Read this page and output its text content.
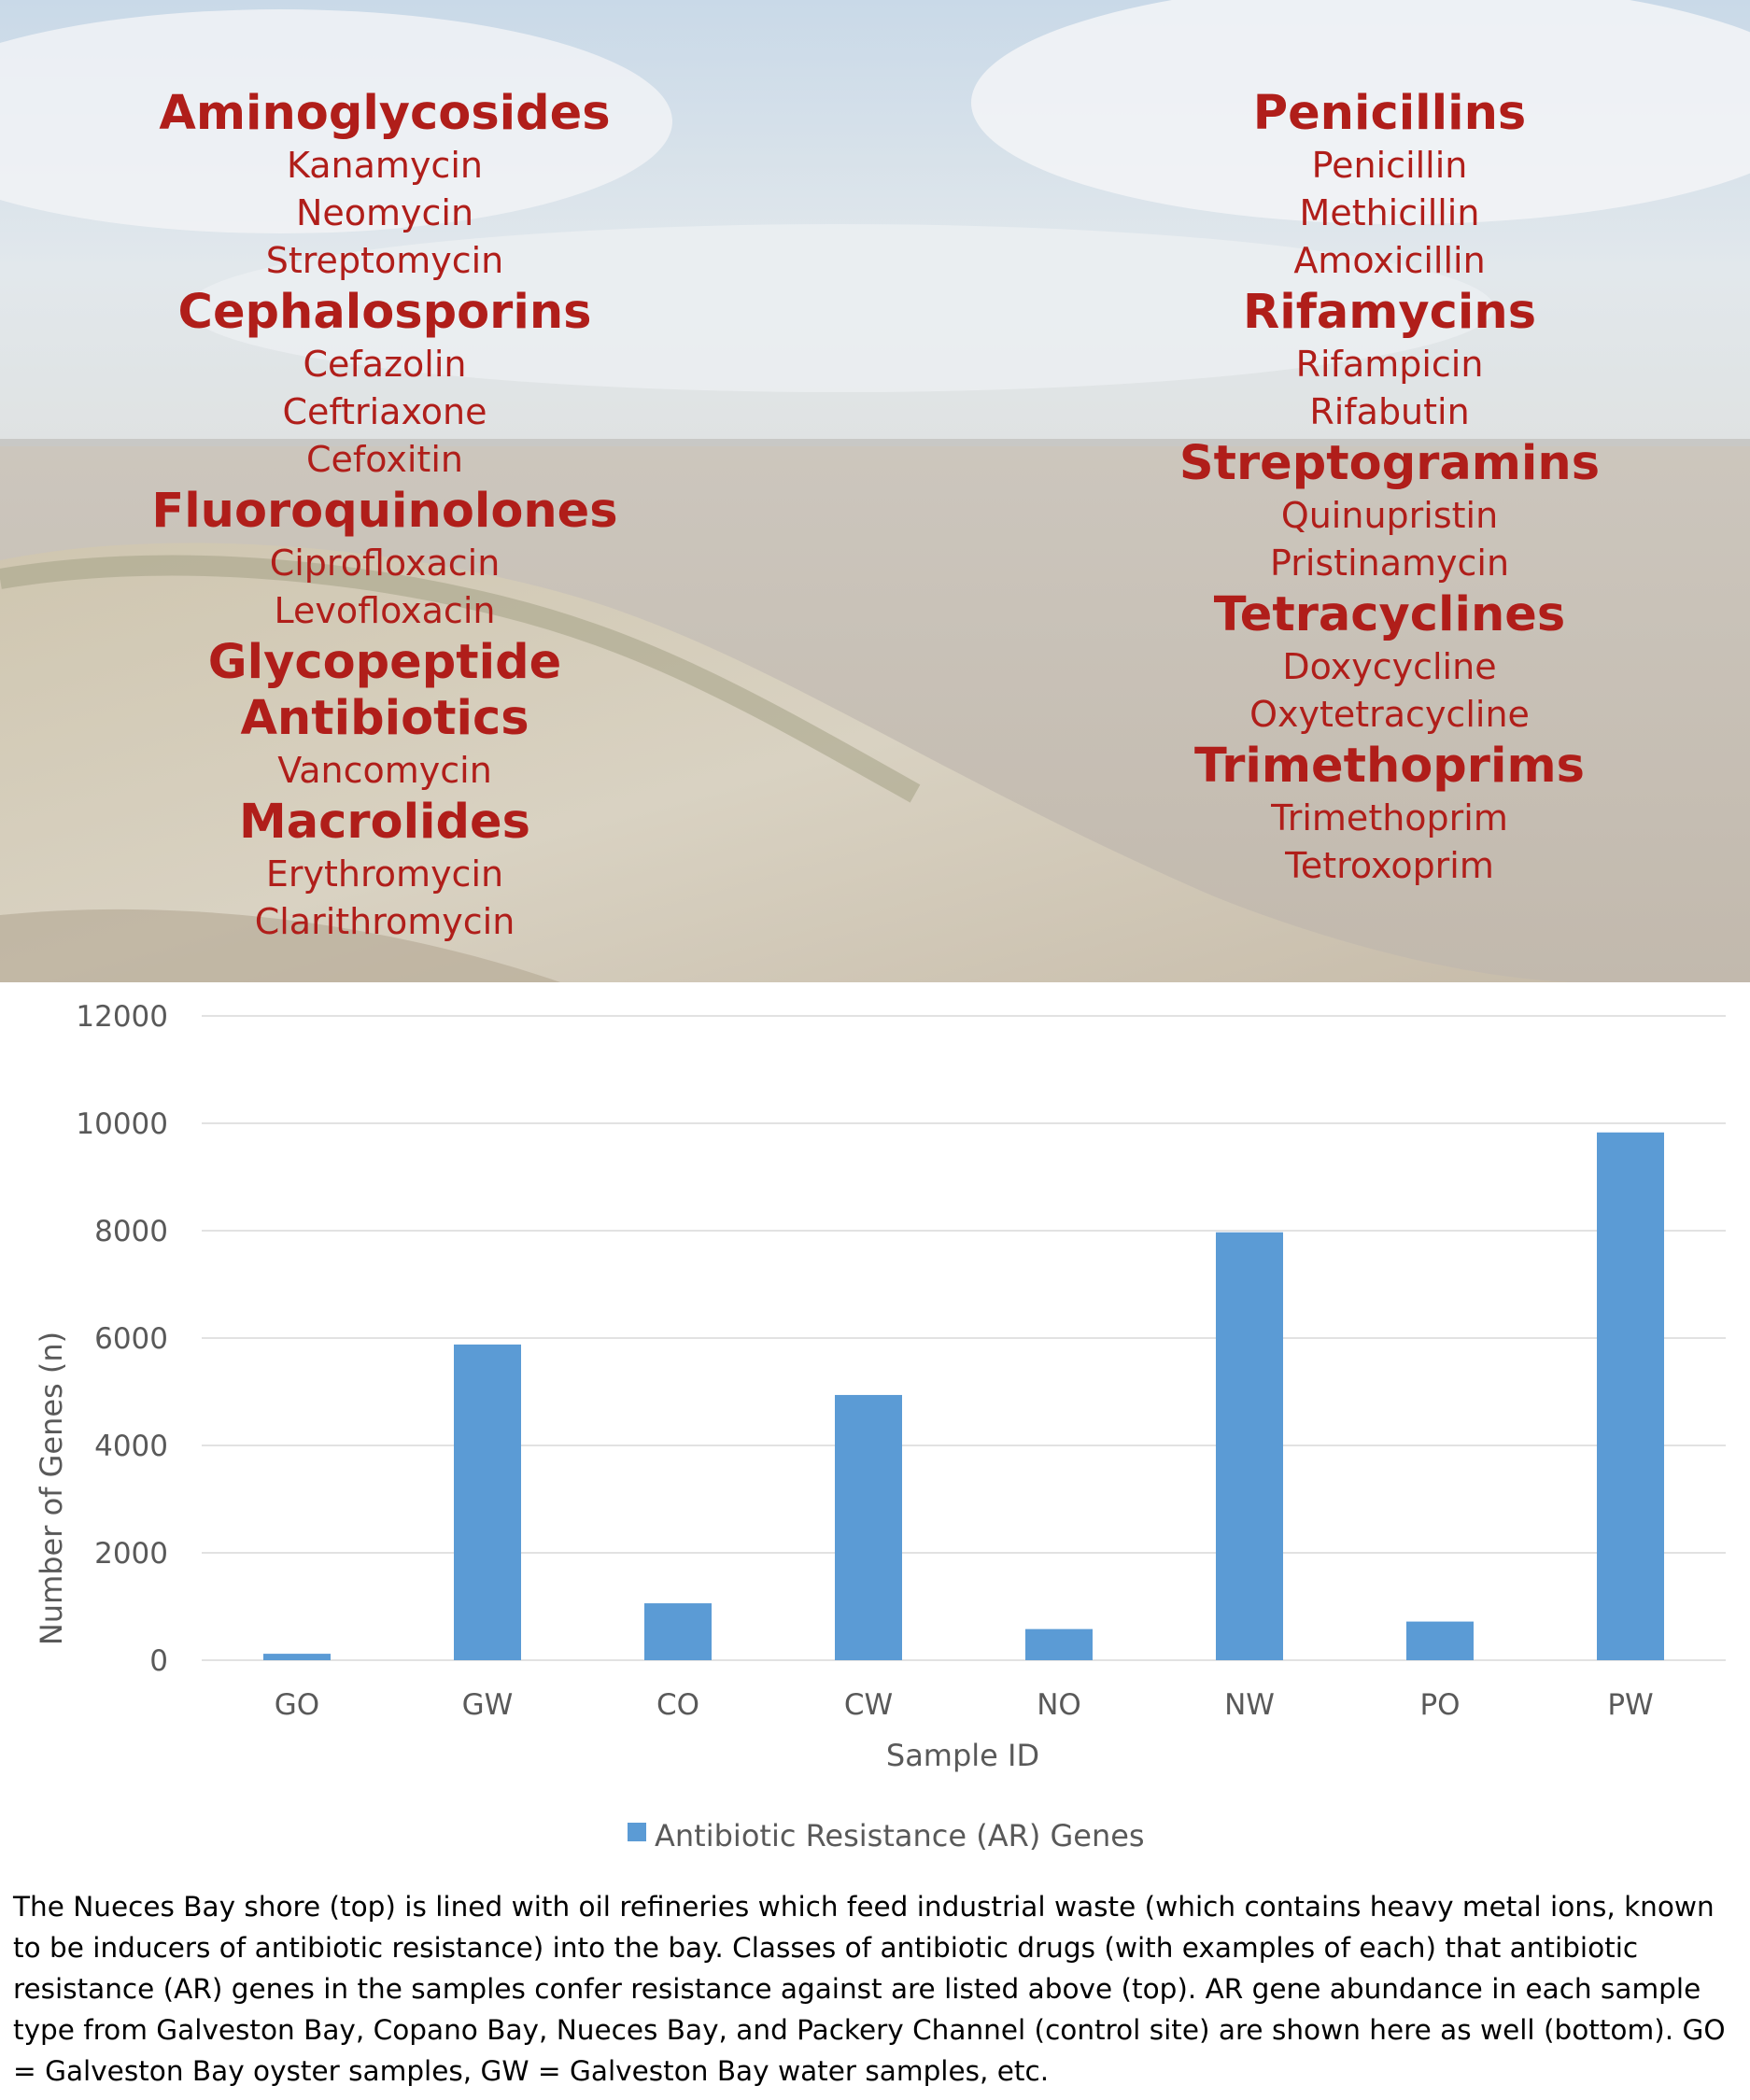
Aminoglycosides
Kanamycin
Neomycin
Streptomycin
Cephalosporins
Cefazolin
Ceftriaxone
Cefoxitin
Fluoroquinolones
Ciprofloxacin
Levofloxacin
Glycopeptide Antibiotics
Vancomycin
Macrolides
Erythromycin
Clarithromycin
Penicillins
Penicillin
Methicillin
Amoxicillin
Rifamycins
Rifampicin
Rifabutin
Streptogramins
Quinupristin
Pristinamycin
Tetracyclines
Doxycycline
Oxytetracycline
Trimethoprims
Trimethoprim
Tetroxoprim
0
2000
4000
6000
8000
10000
12000
GO	GW	CO	CW	NO	NW	PO	PW
Number of Genes (n)
Sample ID
Antibiotic Resistance (AR) Genes
The Nueces Bay shore (top) is lined with oil refineries which feed industrial waste (which contains heavy metal ions, known to be inducers of antibiotic resistance) into the bay. Classes of antibiotic drugs (with examples of each) that antibiotic resistance (AR) genes in the samples confer resistance against are listed above (top). AR gene abundance in each sample type from Galveston Bay, Copano Bay, Nueces Bay, and Packery Channel (control site) are shown here as well (bottom). GO = Galveston Bay oyster samples, GW = Galveston Bay water samples, etc.
